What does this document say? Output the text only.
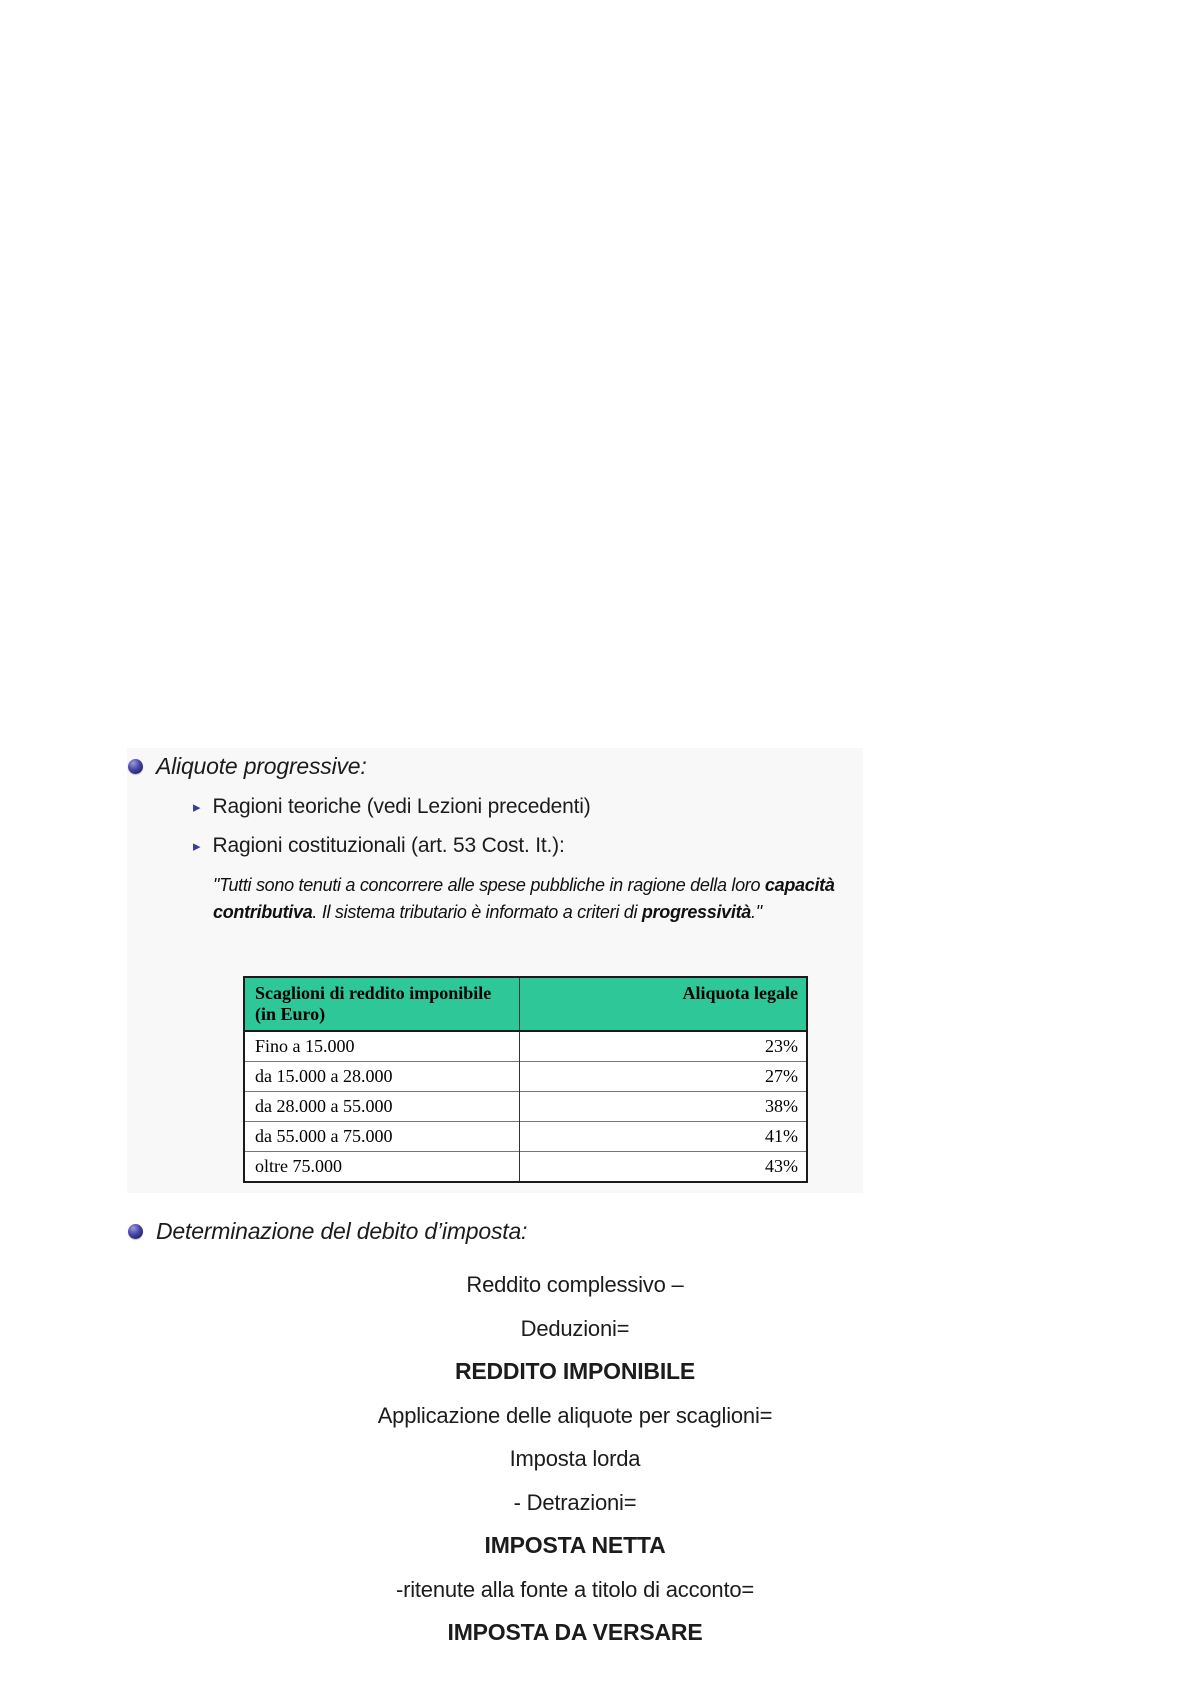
Aliquote progressive:
▸ Ragioni teoriche (vedi Lezioni precedenti)
▸ Ragioni costituzionali (art. 53 Cost. It.):
"Tutti sono tenuti a concorrere alle spese pubbliche in ragione della loro capacità
contributiva. Il sistema tributario è informato a criteri di progressività."
Scaglioni di reddito imponibile
(in Euro)	Aliquota legale
Fino a 15.000	23%
da 15.000 a 28.000	27%
da 28.000 a 55.000	38%
da 55.000 a 75.000	41%
oltre 75.000	43%
Determinazione del debito d’imposta:
Reddito complessivo –
Deduzioni=
REDDITO IMPONIBILE
Applicazione delle aliquote per scaglioni=
Imposta lorda
- Detrazioni=
IMPOSTA NETTA
-ritenute alla fonte a titolo di acconto=
IMPOSTA DA VERSARE
